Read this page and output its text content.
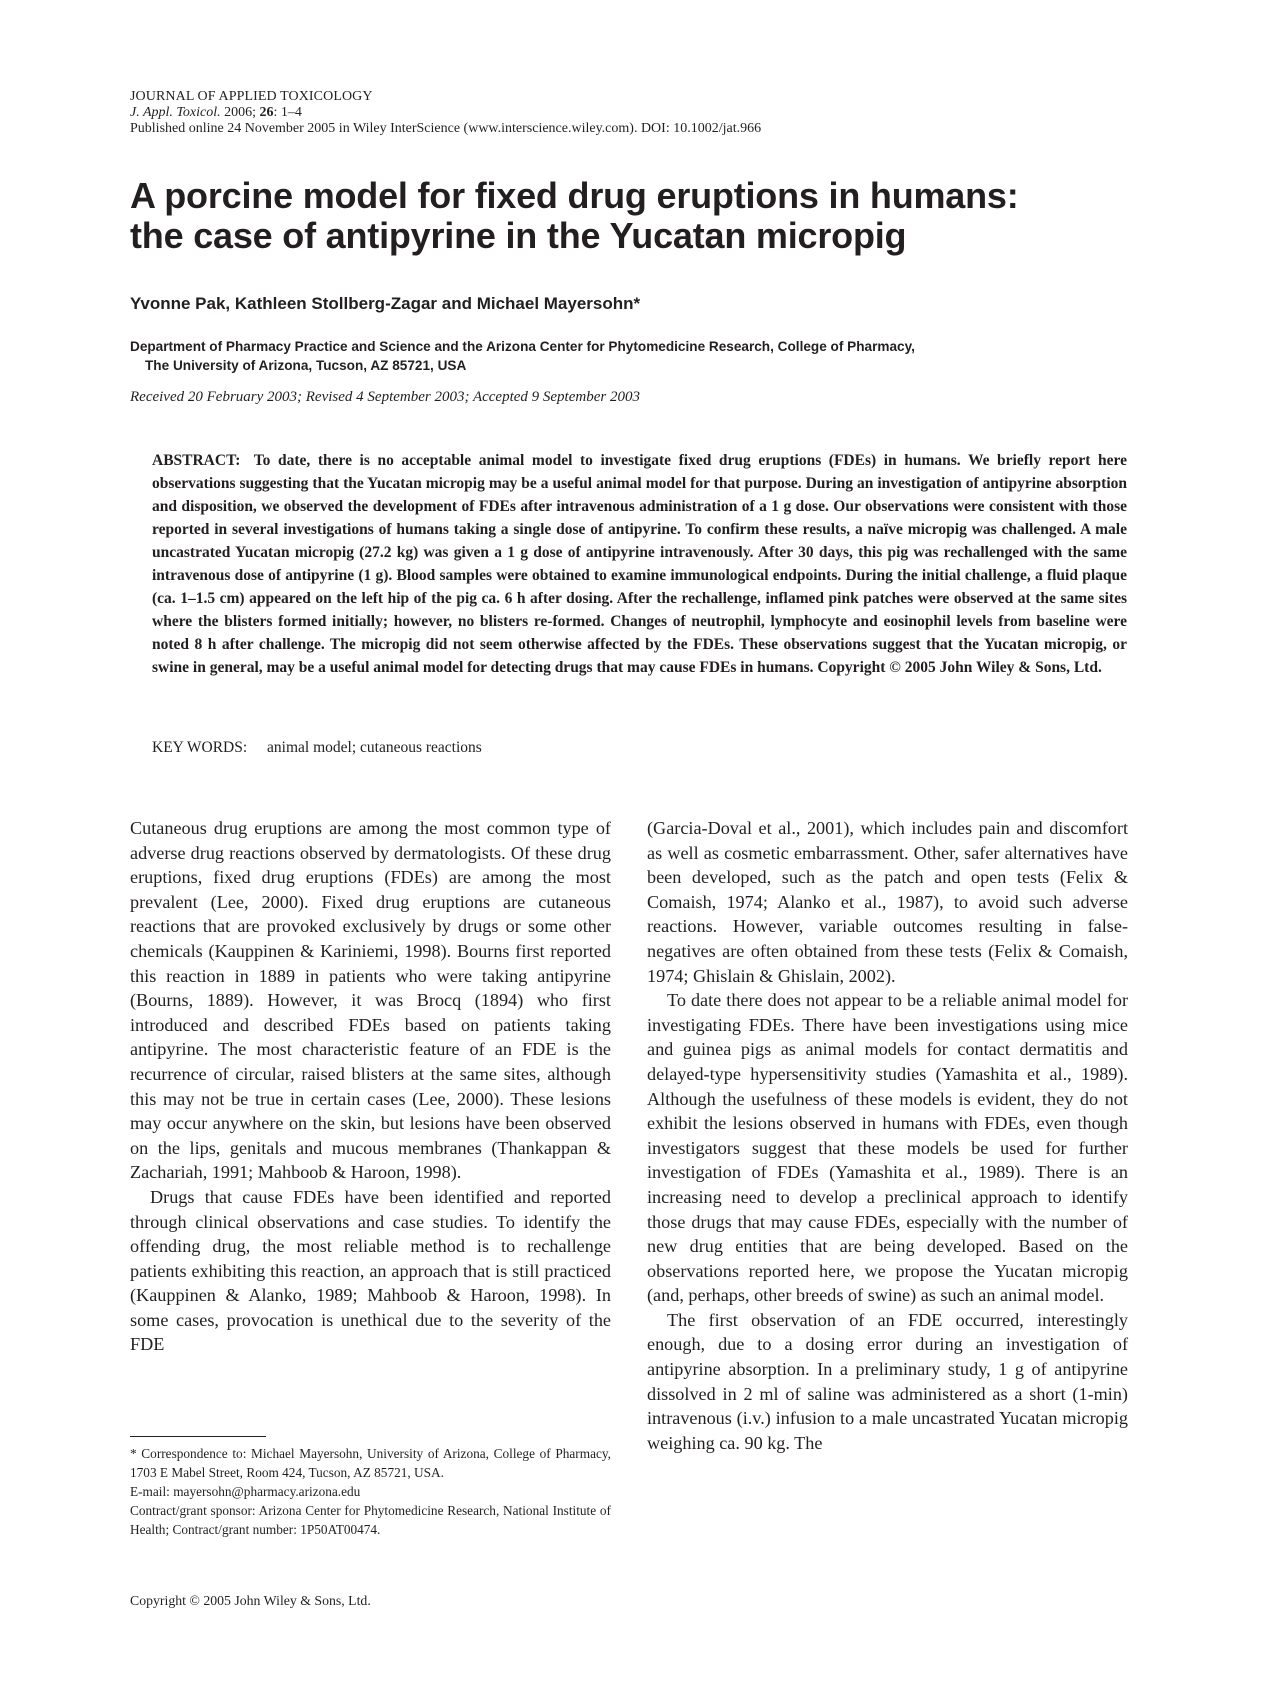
JOURNAL OF APPLIED TOXICOLOGY
J. Appl. Toxicol. 2006; 26: 1–4
Published online 24 November 2005 in Wiley InterScience (www.interscience.wiley.com). DOI: 10.1002/jat.966
A porcine model for fixed drug eruptions in humans:
the case of antipyrine in the Yucatan micropig
Yvonne Pak, Kathleen Stollberg-Zagar and Michael Mayersohn*
Department of Pharmacy Practice and Science and the Arizona Center for Phytomedicine Research, College of Pharmacy,
The University of Arizona, Tucson, AZ 85721, USA
Received 20 February 2003; Revised 4 September 2003; Accepted 9 September 2003
ABSTRACT: To date, there is no acceptable animal model to investigate fixed drug eruptions (FDEs) in humans. We briefly report here observations suggesting that the Yucatan micropig may be a useful animal model for that purpose. During an investigation of antipyrine absorption and disposition, we observed the development of FDEs after intravenous administration of a 1 g dose. Our observations were consistent with those reported in several investigations of humans taking a single dose of antipyrine. To confirm these results, a naïve micropig was challenged. A male uncastrated Yucatan micropig (27.2 kg) was given a 1 g dose of antipyrine intravenously. After 30 days, this pig was rechallenged with the same intravenous dose of antipyrine (1 g). Blood samples were obtained to examine immunological endpoints. During the initial challenge, a fluid plaque (ca. 1–1.5 cm) appeared on the left hip of the pig ca. 6 h after dosing. After the rechallenge, inflamed pink patches were observed at the same sites where the blisters formed initially; however, no blisters re-formed. Changes of neutrophil, lymphocyte and eosinophil levels from baseline were noted 8 h after challenge. The micropig did not seem otherwise affected by the FDEs. These observations suggest that the Yucatan micropig, or swine in general, may be a useful animal model for detecting drugs that may cause FDEs in humans. Copyright © 2005 John Wiley & Sons, Ltd.
KEY WORDS: animal model; cutaneous reactions

Cutaneous drug eruptions are among the most common type of adverse drug reactions observed by dermatologists. Of these drug eruptions, fixed drug eruptions (FDEs) are among the most prevalent (Lee, 2000). Fixed drug eruptions are cutaneous reactions that are provoked exclusively by drugs or some other chemicals (Kauppinen & Kariniemi, 1998). Bourns first reported this reaction in 1889 in patients who were taking antipyrine (Bourns, 1889). However, it was Brocq (1894) who first introduced and described FDEs based on patients taking antipyrine. The most characteristic feature of an FDE is the recurrence of circular, raised blisters at the same sites, although this may not be true in certain cases (Lee, 2000). These lesions may occur anywhere on the skin, but lesions have been observed on the lips, genitals and mucous membranes (Thankappan & Zachariah, 1991; Mahboob & Haroon, 1998).

Drugs that cause FDEs have been identified and reported through clinical observations and case studies. To identify the offending drug, the most reliable method is to rechallenge patients exhibiting this reaction, an approach that is still practiced (Kauppinen & Alanko, 1989; Mahboob & Haroon, 1998). In some cases, provocation is unethical due to the severity of the FDE

(Garcia-Doval et al., 2001), which includes pain and discomfort as well as cosmetic embarrassment. Other, safer alternatives have been developed, such as the patch and open tests (Felix & Comaish, 1974; Alanko et al., 1987), to avoid such adverse reactions. However, variable outcomes resulting in false-negatives are often obtained from these tests (Felix & Comaish, 1974; Ghislain & Ghislain, 2002).

To date there does not appear to be a reliable animal model for investigating FDEs. There have been investigations using mice and guinea pigs as animal models for contact dermatitis and delayed-type hypersensitivity studies (Yamashita et al., 1989). Although the usefulness of these models is evident, they do not exhibit the lesions observed in humans with FDEs, even though investigators suggest that these models be used for further investigation of FDEs (Yamashita et al., 1989). There is an increasing need to develop a preclinical approach to identify those drugs that may cause FDEs, especially with the number of new drug entities that are being developed. Based on the observations reported here, we propose the Yucatan micropig (and, perhaps, other breeds of swine) as such an animal model.

The first observation of an FDE occurred, interestingly enough, due to a dosing error during an investigation of antipyrine absorption. In a preliminary study, 1 g of antipyrine dissolved in 2 ml of saline was administered as a short (1-min) intravenous (i.v.) infusion to a male uncastrated Yucatan micropig weighing ca. 90 kg. The

* Correspondence to: Michael Mayersohn, University of Arizona, College of Pharmacy, 1703 E Mabel Street, Room 424, Tucson, AZ 85721, USA.

E-mail: mayersohn@pharmacy.arizona.edu

Contract/grant sponsor: Arizona Center for Phytomedicine Research, National Institute of Health; Contract/grant number: 1P50AT00474.

Copyright © 2005 John Wiley & Sons, Ltd.
